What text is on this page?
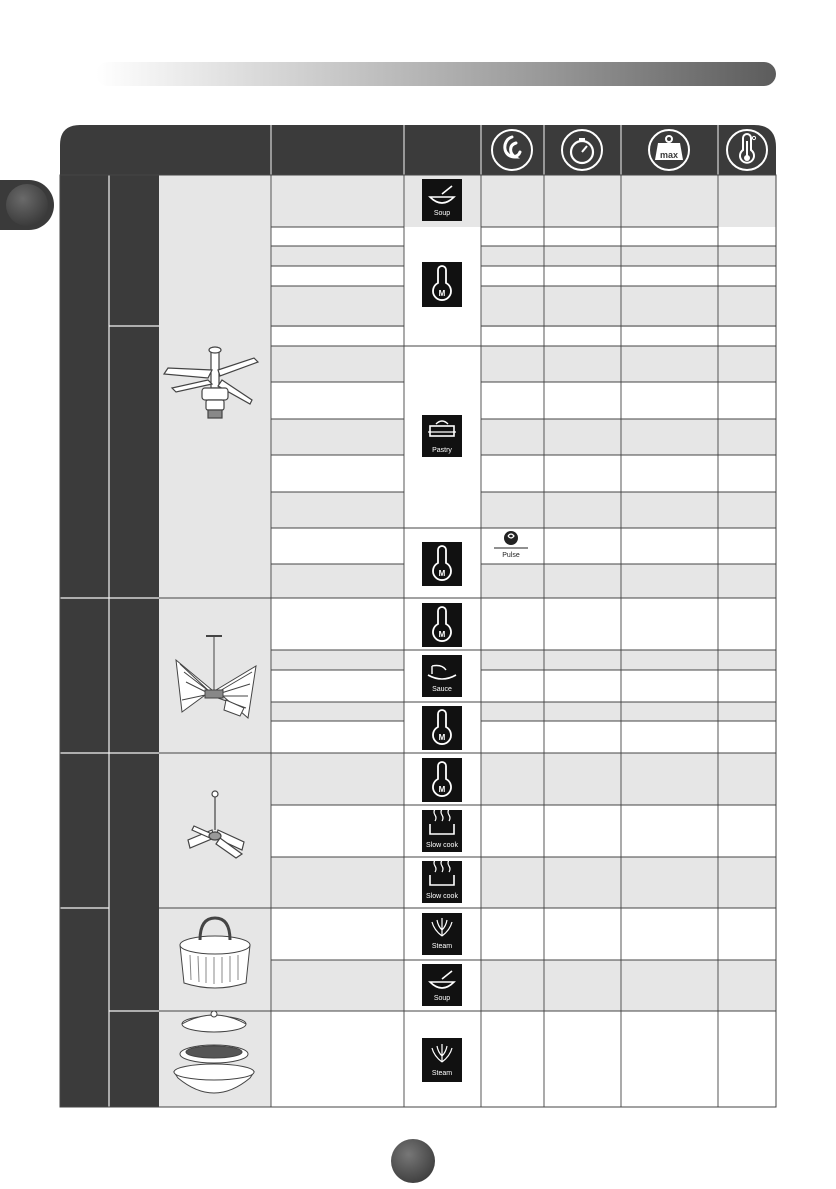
max
Soup
M
Pastry
M
Pulse
M
Sauce
M
M
Slow cook
Slow cook
Steam
Soup
Steam
